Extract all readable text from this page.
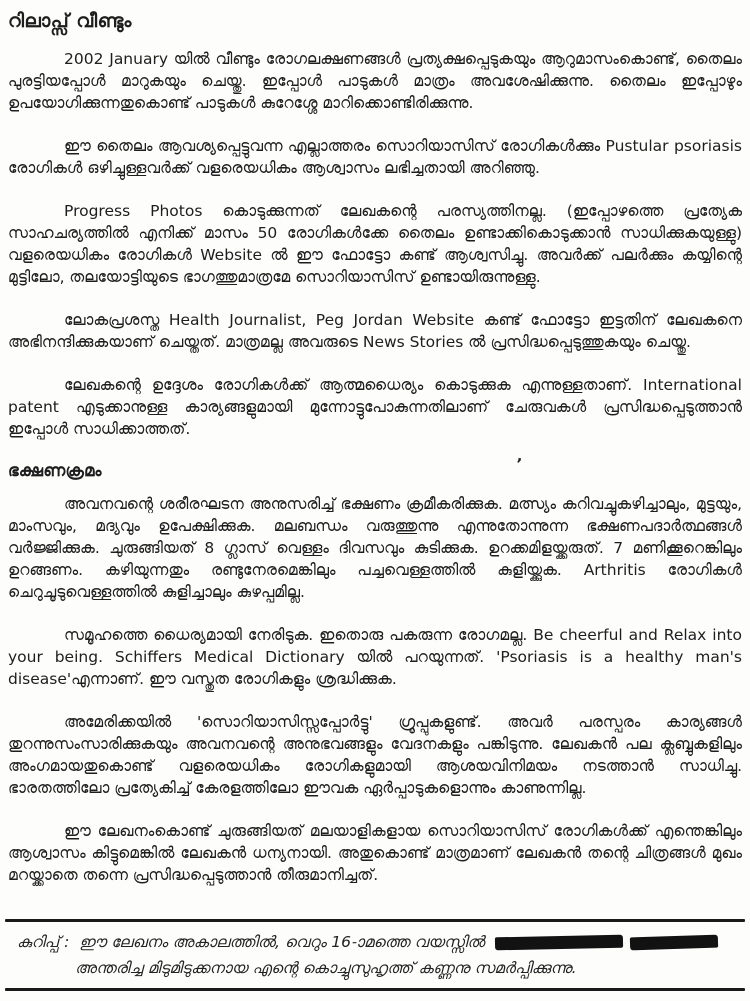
റിലാപ്സ് വീണ്ടും

2002 January യിൽ വീണ്ടും രോഗലക്ഷണങ്ങൾ പ്രത്യക്ഷപ്പെടുകയും ആറുമാസംകൊണ്ട്, തൈലം പുരട്ടിയപ്പോൾ മാറുകയും ചെയ്തു. ഇപ്പോൾ പാടുകൾ മാത്രം അവശേഷിക്കുന്നു. തൈലം ഇപ്പോഴും ഉപയോഗിക്കുന്നതുകൊണ്ട് പാടുകൾ കുറേശ്ശേ മാറിക്കൊണ്ടിരിക്കുന്നു.

ഈ തൈലം ആവശ്യപ്പെട്ടുവന്ന എല്ലാത്തരം സൊറിയാസിസ് രോഗികൾക്കും Pustular psoriasis രോഗികൾ ഒഴിച്ചുള്ളവർക്ക് വളരെയധികം ആശ്വാസം ലഭിച്ചതായി അറിഞ്ഞു.

Progress Photos കൊടുക്കുന്നത് ലേഖകന്റെ പരസ്യത്തിനല്ല. (ഇപ്പോഴത്തെ പ്രത്യേക സാഹചര്യത്തിൽ എനിക്ക് മാസം 50 രോഗികൾക്കേ തൈലം ഉണ്ടാക്കികൊടുക്കാൻ സാധിക്കുകയുള്ളു) വളരെയധികം രോഗികൾ Website ൽ ഈ ഫോട്ടോ കണ്ട് ആശ്വസിച്ചു. അവർക്ക് പലർക്കും കയ്യിന്റെ മുട്ടിലോ, തലയോട്ടിയുടെ ഭാഗത്തുമാത്രമേ സൊറിയാസിസ് ഉണ്ടായിരുന്നുള്ളു.

ലോകപ്രശസ്ത Health Journalist, Peg Jordan Website കണ്ട് ഫോട്ടോ ഇട്ടതിന് ലേഖകനെ അഭിനന്ദിക്കുകയാണ് ചെയ്തത്. മാത്രമല്ല അവരുടെ News Stories ൽ പ്രസിദ്ധപ്പെടുത്തുകയും ചെയ്തു.

ലേഖകന്റെ ഉദ്ദേശം രോഗികൾക്ക് ആത്മധൈര്യം കൊടുക്കുക എന്നുള്ളതാണ്. International patent എടുക്കാനുള്ള കാര്യങ്ങളുമായി മുന്നോട്ടുപോകുന്നതിലാണ് ചേരുവകൾ പ്രസിദ്ധപ്പെടുത്താൻ ഇപ്പോൾ സാധിക്കാത്തത്.

ഭക്ഷണക്രമം	ʼ

അവനവന്റെ ശരീരഘടന അനുസരിച്ച് ഭക്ഷണം ക്രമീകരിക്കുക. മത്സ്യം കറിവച്ചുകഴിച്ചാലും, മുട്ടയും, മാംസവും, മദ്യവും ഉപേക്ഷിക്കുക. മലബന്ധം വരുത്തുന്നു എന്നുതോന്നുന്ന ഭക്ഷണപദാർത്ഥങ്ങൾ വർജ്ജിക്കുക. ചുരുങ്ങിയത് 8 ഗ്ലാസ് വെള്ളം ദിവസവും കുടിക്കുക. ഉറക്കമിളയ്ക്കരുത്. 7 മണിക്കൂറെങ്കിലും ഉറങ്ങണം. കഴിയുന്നതും രണ്ടുനേരമെങ്കിലും പച്ചവെള്ളത്തിൽ കുളിയ്ക്കുക. Arthritis രോഗികൾ ചെറുചൂടുവെള്ളത്തിൽ കുളിച്ചാലും കുഴപ്പമില്ല.

സമൂഹത്തെ ധൈര്യമായി നേരിടുക. ഇതൊരു പകരുന്ന രോഗമല്ല. Be cheerful and Relax into your being. Schiffers Medical Dictionary യിൽ പറയുന്നത്. 'Psoriasis is a healthy man's disease'എന്നാണ്. ഈ വസ്തുത രോഗികളും ശ്രദ്ധിക്കുക.

അമേരിക്കയിൽ 'സൊറിയാസിസ്സപ്പോർട്ടു' ഗ്രൂപ്പുകളുണ്ട്. അവർ പരസ്പരം കാര്യങ്ങൾ തുറന്നുസംസാരിക്കുകയും അവനവന്റെ അനുഭവങ്ങളും വേദനകളും പങ്കിടുന്നു. ലേഖകൻ പല ക്ലബ്ബുകളിലും അംഗമായതുകൊണ്ട് വളരെയധികം രോഗികളുമായി ആശയവിനിമയം നടത്താൻ സാധിച്ചു. ഭാരതത്തിലോ പ്രത്യേകിച്ച് കേരളത്തിലോ ഈവക ഏർപ്പാടുകളൊന്നും കാണുന്നില്ല.

ഈ ലേഖനംകൊണ്ട് ചുരുങ്ങിയത് മലയാളികളായ സൊറിയാസിസ് രോഗികൾക്ക് എന്തെങ്കിലും ആശ്വാസം കിട്ടുമെങ്കിൽ ലേഖകൻ ധന്യനായി. അതുകൊണ്ട് മാത്രമാണ് ലേഖകൻ തന്റെ ചിത്രങ്ങൾ മുഖം മറയ്ക്കാതെ തന്നെ പ്രസിദ്ധപ്പെടുത്താൻ തീരുമാനിച്ചത്.

കുറിപ്പ് : ഈ ലേഖനം അകാലത്തിൽ, വെറും 16-ാമത്തെ വയസ്സിൽ
അന്തരിച്ച മിടുമിടുക്കനായ എന്റെ കൊച്ചുസുഹൃത്ത് കണ്ണനു സമർപ്പിക്കുന്നു.
